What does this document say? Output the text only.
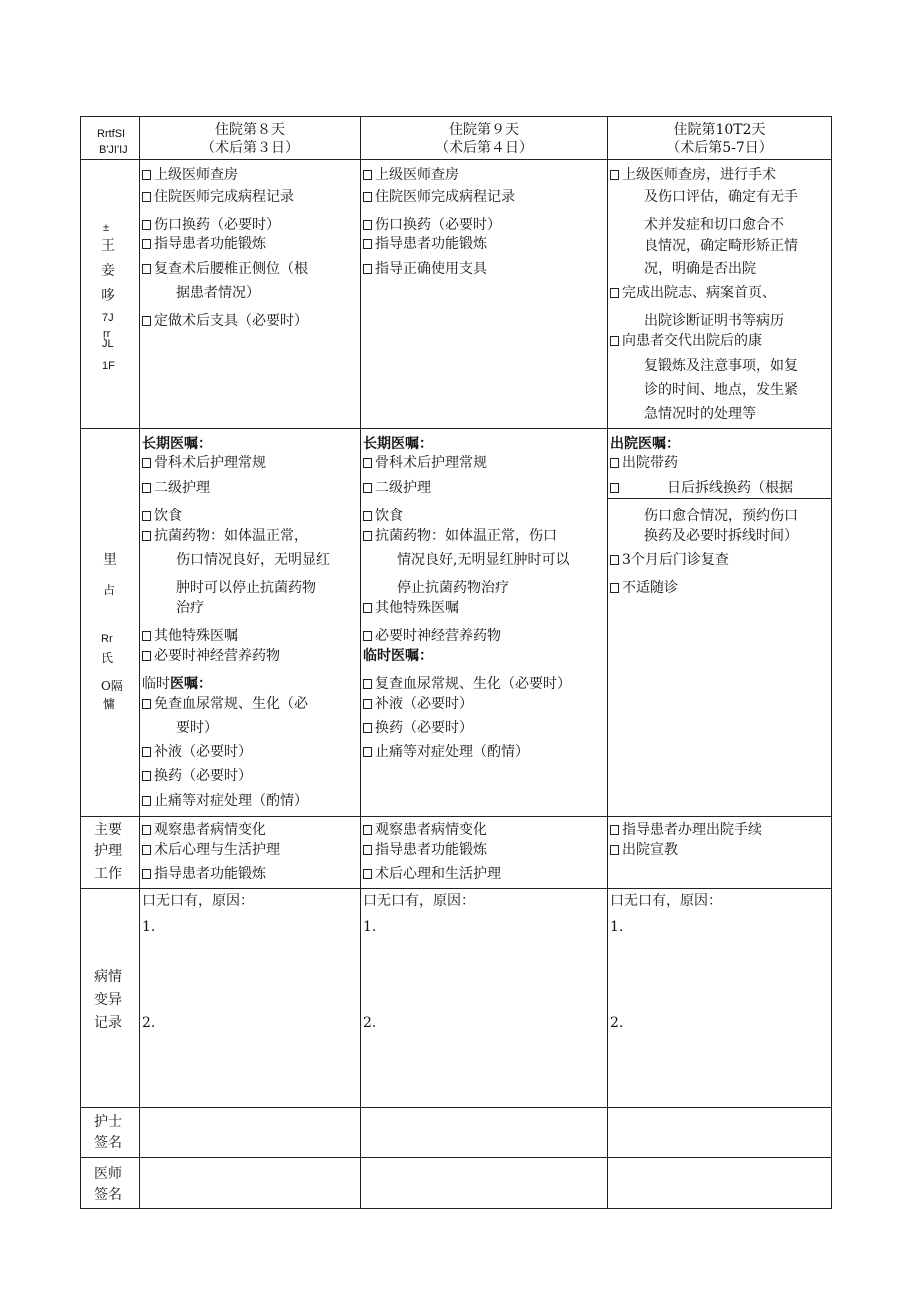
RrtfSI
B'JI'IJ
住院第８天
（术后第３日）
住院第９天
（术后第４日）
住院第10T2天
（术后第5-7日）
±
王
妾
哆
7J
ŗr
JL
1F
上级医师查房
住院医师完成病程记录
伤口换药（必要时）
指导患者功能锻炼
复查术后腰椎正侧位（根
据患者情况）
定做术后支具（必要时）
上级医师查房
住院医师完成病程记录
伤口换药（必要时）
指导患者功能锻炼
指导正确使用支具
上级医师查房，进行手术
及伤口评估，确定有无手
术并发症和切口愈合不
良情况，确定畸形矫正情
况，明确是否出院
完成出院志、病案首页、
出院诊断证明书等病历
向患者交代出院后的康
复锻炼及注意事项，如复
诊的时间、地点，发生紧
急情况时的处理等
里
占
Rr
氏
O隔
慵
长期医嘱：
骨科术后护理常规
二级护理
饮食
抗菌药物：如体温正常，
伤口情况良好，无明显红
肿时可以停止抗菌药物
治疗
其他特殊医嘱
必要时神经营养药物
临时医嘱：
免查血尿常规、生化（必
要时）
补液（必要时）
换药（必要时）
止痛等对症处理（酌情）
长期医嘱：
骨科术后护理常规
二级护理
饮食
抗菌药物：如体温正常，伤口
情况良好,无明显红肿时可以
停止抗菌药物治疗
其他特殊医嘱
必要时神经营养药物
临时医嘱：
复查血尿常规、生化（必要时）
补液（必要时）
换药（必要时）
止痛等对症处理（酌情）
出院医嘱：
出院带药
日后拆线换药（根据
伤口愈合情况，预约伤口
换药及必要时拆线时间）
3个月后门诊复查
不适随诊
主要
护理
工作
观察患者病情变化
术后心理与生活护理
指导患者功能锻炼
观察患者病情变化
指导患者功能锻炼
术后心理和生活护理
指导患者办理出院手续
出院宣教
病情
变异
记录
口无口有，原因：
1.
2.
口无口有，原因：
1.
2.
口无口有，原因：
1.
2.
护士
签名
医师
签名
